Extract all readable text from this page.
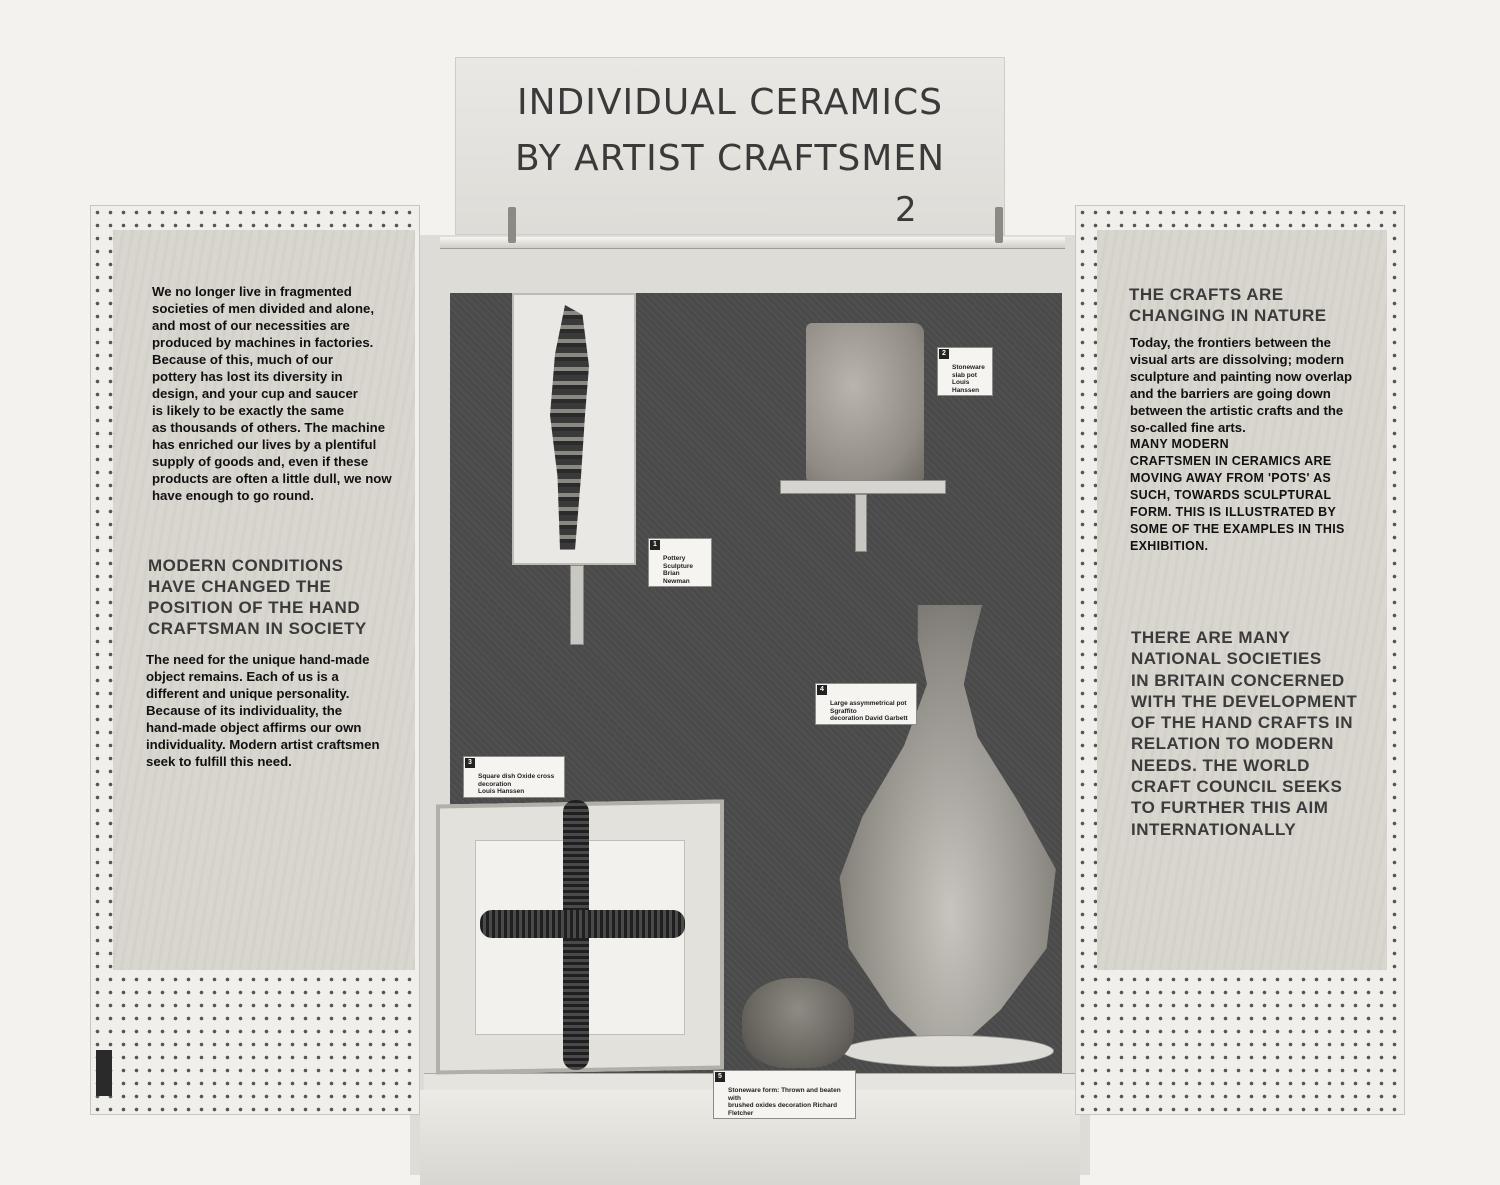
INDIVIDUAL CERAMICS
BY ARTIST CRAFTSMEN
2
We no longer live in fragmented
societies of men divided and alone,
and most of our necessities are
produced by machines in factories.
Because of this, much of our
pottery has lost its diversity in
design, and your cup and saucer
is likely to be exactly the same
as thousands of others. The machine
has enriched our lives by a plentiful
supply of goods and, even if these
products are often a little dull, we now
have enough to go round.
MODERN CONDITIONS
HAVE CHANGED THE
POSITION OF THE HAND
CRAFTSMAN IN SOCIETY
The need for the unique hand-made
object remains. Each of us is a
different and unique personality.
Because of its individuality, the
hand-made object affirms our own
individuality. Modern artist craftsmen
seek to fulfill this need.
THE CRAFTS ARE
CHANGING IN NATURE
Today, the frontiers between the
visual arts are dissolving; modern
sculpture and painting now overlap
and the barriers are going down
between the artistic crafts and the
so-called fine arts.
MANY MODERN
CRAFTSMEN IN CERAMICS ARE
MOVING AWAY FROM 'POTS' AS
SUCH, TOWARDS SCULPTURAL
FORM. THIS IS ILLUSTRATED BY
SOME OF THE EXAMPLES IN THIS
EXHIBITION.
THERE ARE MANY
NATIONAL SOCIETIES
IN BRITAIN CONCERNED
WITH THE DEVELOPMENT
OF THE HAND CRAFTS IN
RELATION TO MODERN
NEEDS. THE WORLD
CRAFT COUNCIL SEEKS
TO FURTHER THIS AIM
INTERNATIONALLY

1

Pottery Sculpture
Brian Newman

2

Stoneware slab pot
Louis Hanssen

3

Square dish Oxide cross decoration
Louis Hanssen

4

Large assymmetrical pot Sgraffito
decoration David Garbett

5

Stoneware form: Thrown and beaten with
brushed oxides decoration Richard Fletcher
